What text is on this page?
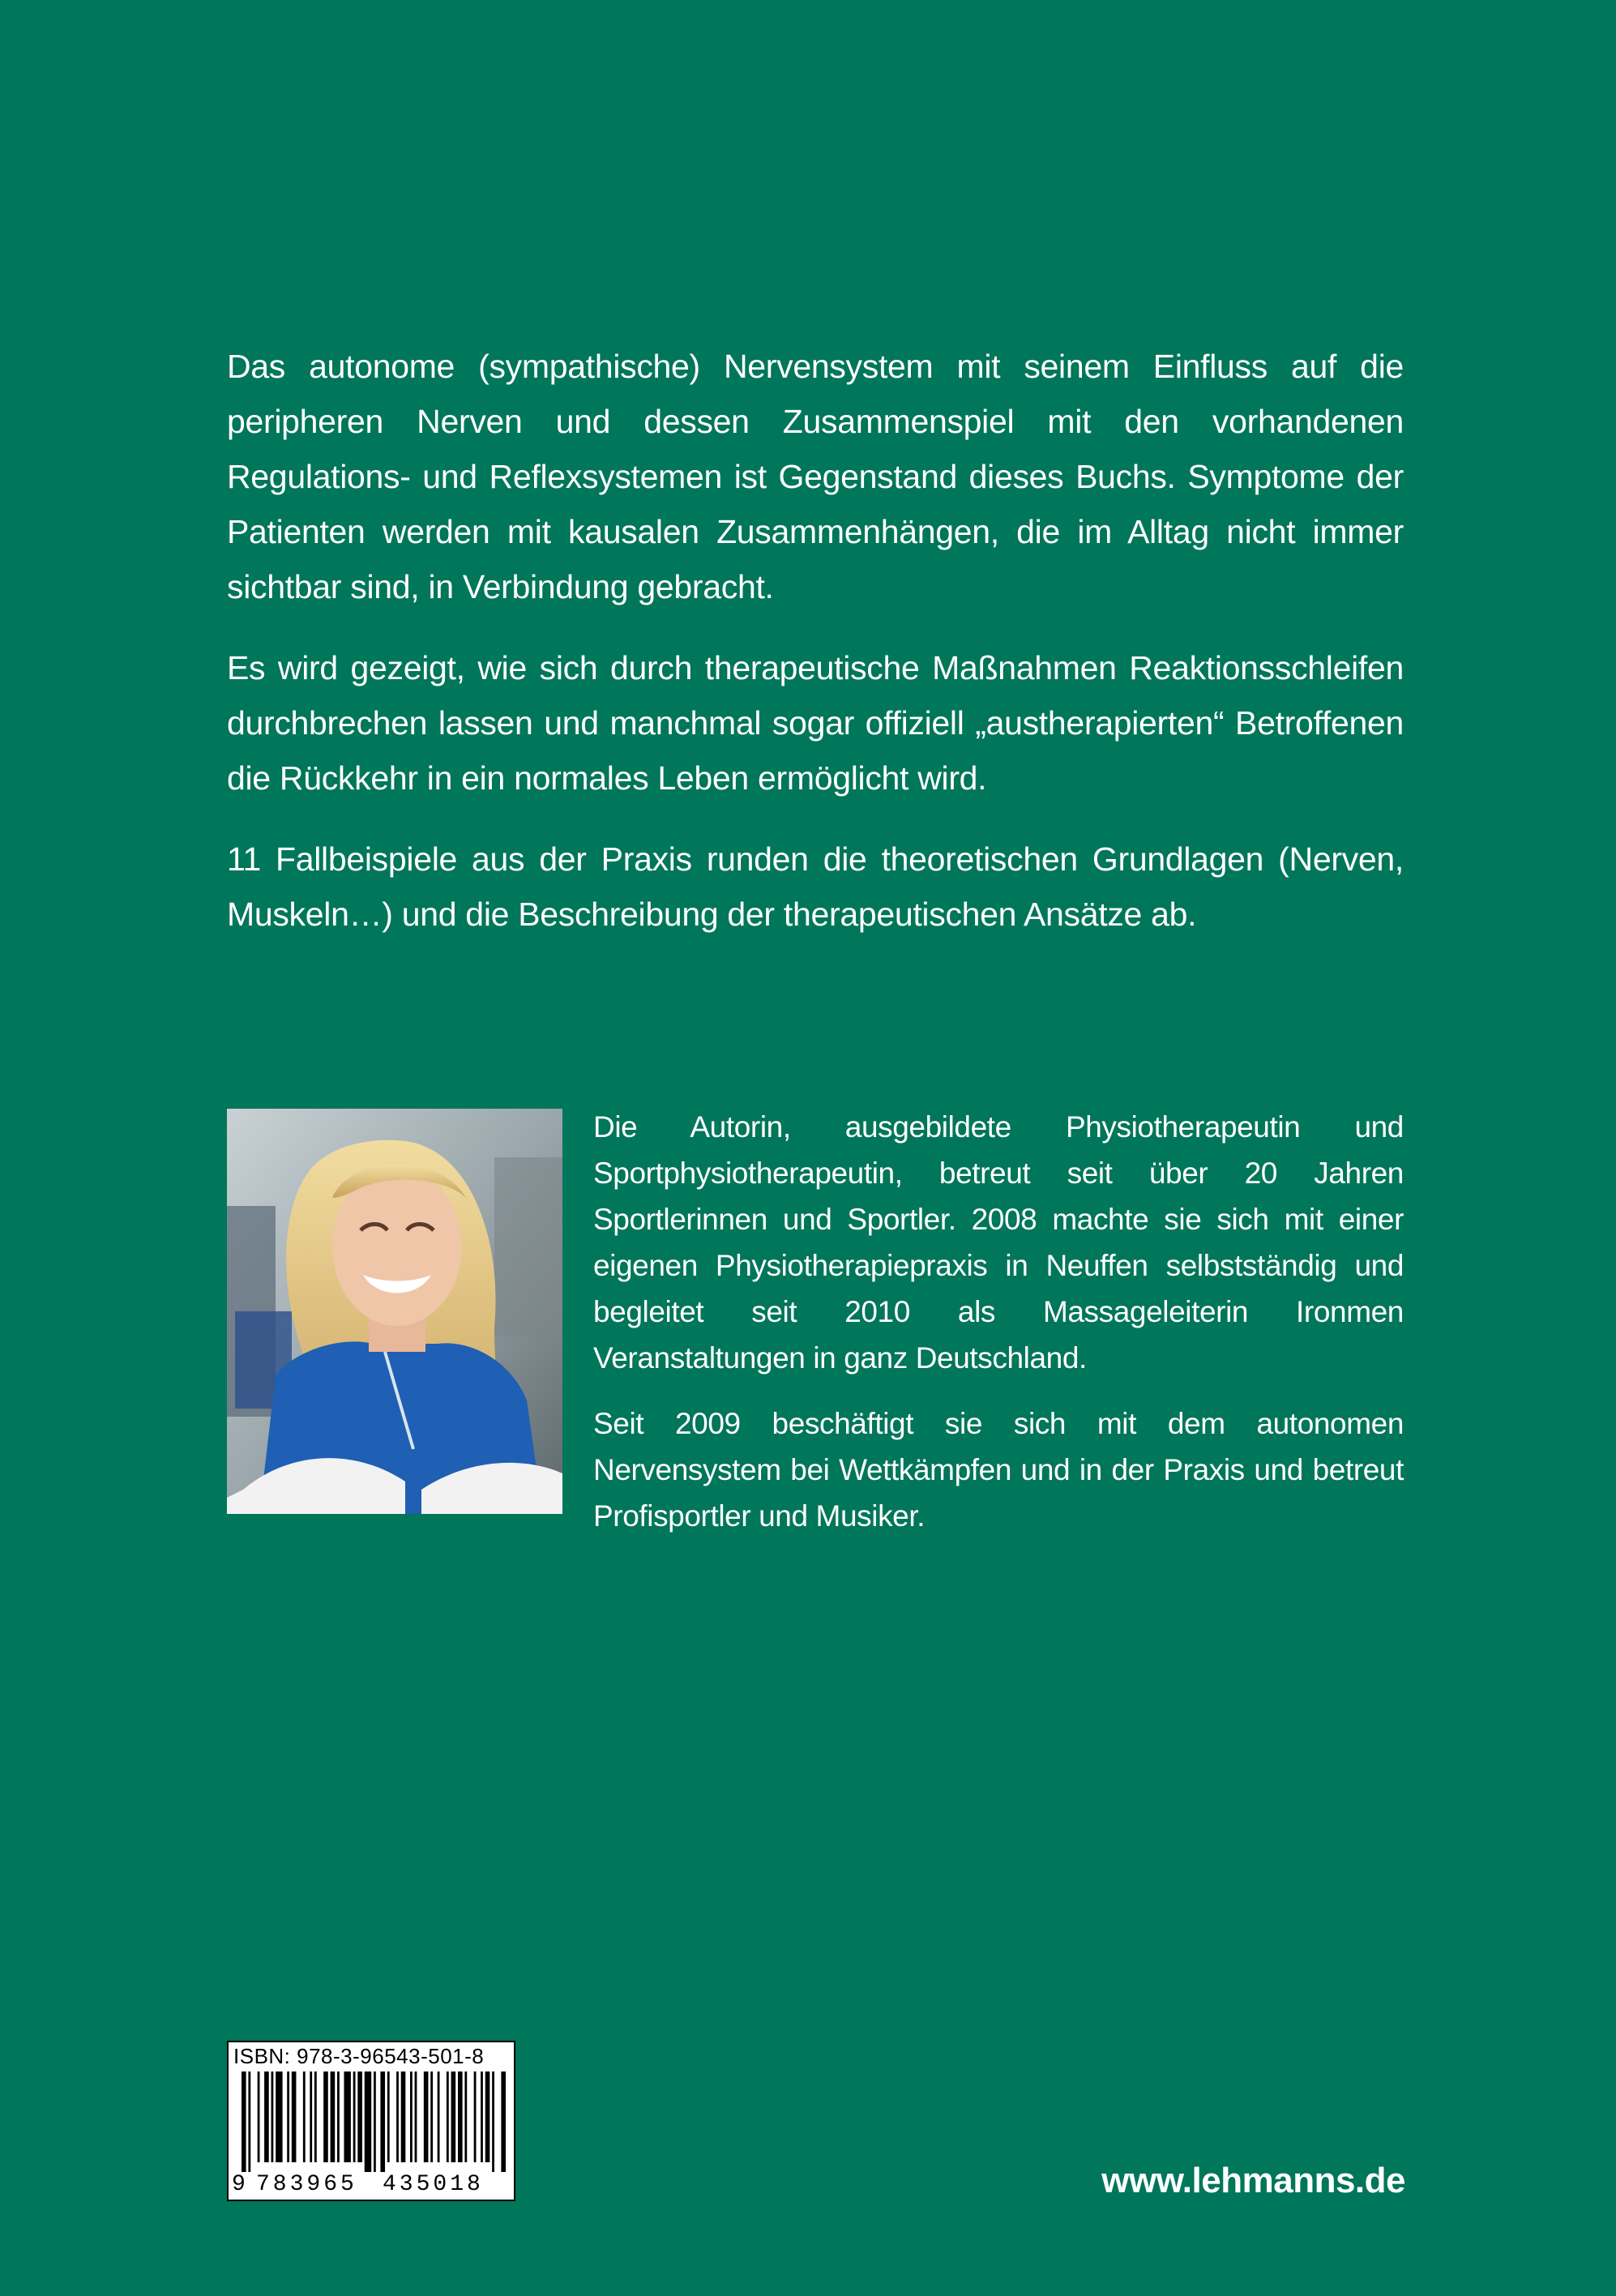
Das autonome (sympathische) Nervensystem mit seinem Einfluss auf die peripheren Nerven und dessen Zusammenspiel mit den vorhandenen Regulations- und Reflexsystemen ist Gegenstand dieses Buchs. Symptome der Patienten werden mit kausalen Zusammenhängen, die im Alltag nicht immer sichtbar sind, in Verbindung gebracht.

Es wird gezeigt, wie sich durch therapeutische Maßnahmen Reaktionsschleifen durchbrechen lassen und manchmal sogar offiziell „austherapierten“ Betroffenen die Rückkehr in ein normales Leben ermöglicht wird.

11 Fallbeispiele aus der Praxis runden die theoretischen Grundlagen (Nerven, Muskeln…) und die Beschreibung der therapeutischen Ansätze ab.

Die Autorin, ausgebildete Physiotherapeutin und Sportphysiotherapeutin, betreut seit über 20 Jahren Sportlerinnen und Sportler. 2008 machte sie sich mit einer eigenen Physiotherapiepraxis in Neuffen selbstständig und begleitet seit 2010 als Massageleiterin Ironmen Veranstaltungen in ganz Deutschland.

Seit 2009 beschäftigt sie sich mit dem autonomen Nervensystem bei Wettkämpfen und in der Praxis und betreut Profisportler und Musiker.

ISBN: 978-3-96543-501-8
9 783965 435018	www.lehmanns.de
